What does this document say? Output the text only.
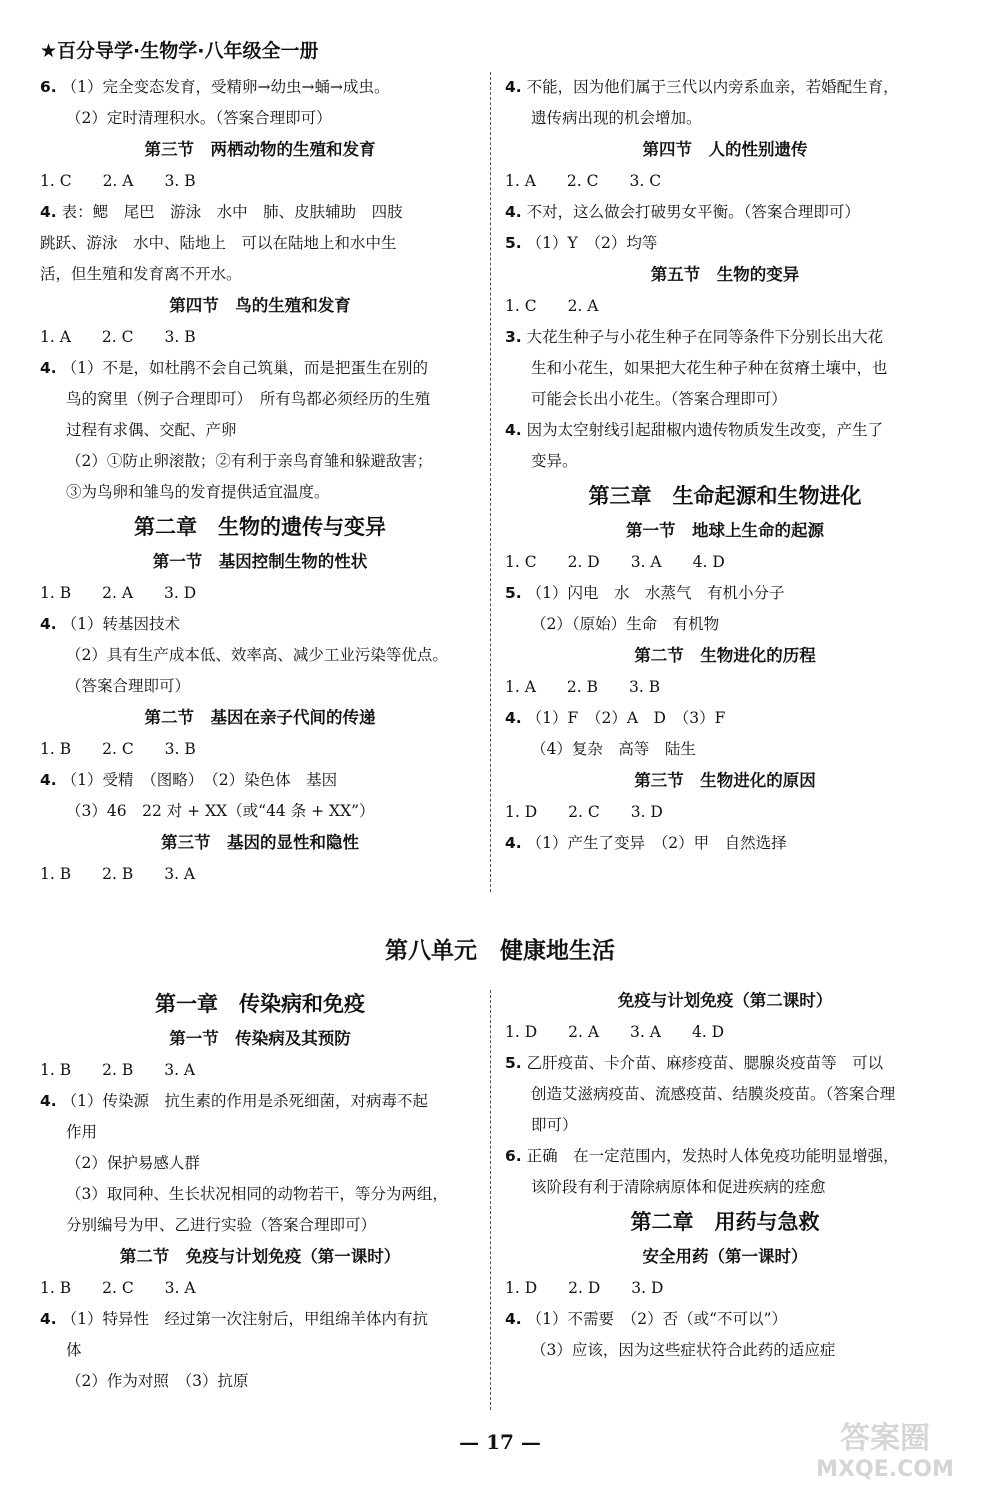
★百分导学·生物学·八年级全一册
6. （1）完全变态发育，受精卵→幼虫→蛹→成虫。
（2）定时清理积水。（答案合理即可）
第三节　两栖动物的生殖和发育
1. C　　2. A　　3. B
4. 表：鳃　尾巴　游泳　水中　肺、皮肤辅助　四肢
跳跃、游泳　水中、陆地上　可以在陆地上和水中生
活，但生殖和发育离不开水。
第四节　鸟的生殖和发育
1. A　　2. C　　3. B
4. （1）不是，如杜鹃不会自己筑巢，而是把蛋生在别的
鸟的窝里（例子合理即可）　所有鸟都必须经历的生殖
过程有求偶、交配、产卵
（2）①防止卵滚散；②有利于亲鸟育雏和躲避敌害；
③为鸟卵和雏鸟的发育提供适宜温度。
第二章　生物的遗传与变异
第一节　基因控制生物的性状
1. B　　2. A　　3. D
4. （1）转基因技术
（2）具有生产成本低、效率高、减少工业污染等优点。
（答案合理即可）
第二节　基因在亲子代间的传递
1. B　　2. C　　3. B
4. （1）受精　（图略）　（2）染色体　基因
（3）46　22 对 + XX（或“44 条 + XX”）
第三节　基因的显性和隐性
1. B　　2. B　　3. A
4. 不能，因为他们属于三代以内旁系血亲，若婚配生育，
遗传病出现的机会增加。
第四节　人的性别遗传
1. A　　2. C　　3. C
4. 不对，这么做会打破男女平衡。（答案合理即可）
5. （1）Y　（2）均等
第五节　生物的变异
1. C　　2. A
3. 大花生种子与小花生种子在同等条件下分别长出大花
生和小花生，如果把大花生种子种在贫瘠土壤中，也
可能会长出小花生。（答案合理即可）
4. 因为太空射线引起甜椒内遗传物质发生改变，产生了
变异。
第三章　生命起源和生物进化
第一节　地球上生命的起源
1. C　　2. D　　3. A　　4. D
5. （1）闪电　水　水蒸气　有机小分子
（2）（原始）生命　有机物
第二节　生物进化的历程
1. A　　2. B　　3. B
4. （1）F　（2）A　D　（3）F
（4）复杂　高等　陆生
第三节　生物进化的原因
1. D　　2. C　　3. D
4. （1）产生了变异　（2）甲　自然选择
第八单元　健康地生活
第一章　传染病和免疫
第一节　传染病及其预防
1. B　　2. B　　3. A
4. （1）传染源　抗生素的作用是杀死细菌，对病毒不起
作用
（2）保护易感人群
（3）取同种、生长状况相同的动物若干，等分为两组，
分别编号为甲、乙进行实验（答案合理即可）
第二节　免疫与计划免疫（第一课时）
1. B　　2. C　　3. A
4. （1）特异性　经过第一次注射后，甲组绵羊体内有抗
体
（2）作为对照　（3）抗原
免疫与计划免疫（第二课时）
1. D　　2. A　　3. A　　4. D
5. 乙肝疫苗、卡介苗、麻疹疫苗、腮腺炎疫苗等　可以
创造艾滋病疫苗、流感疫苗、结膜炎疫苗。（答案合理
即可）
6. 正确　在一定范围内，发热时人体免疫功能明显增强，
该阶段有利于清除病原体和促进疾病的痊愈
第二章　用药与急救
安全用药（第一课时）
1. D　　2. D　　3. D
4. （1）不需要　（2）否（或“不可以”）
（3）应该，因为这些症状符合此药的适应症
— 17 —	答案圈
MXQE.COM
